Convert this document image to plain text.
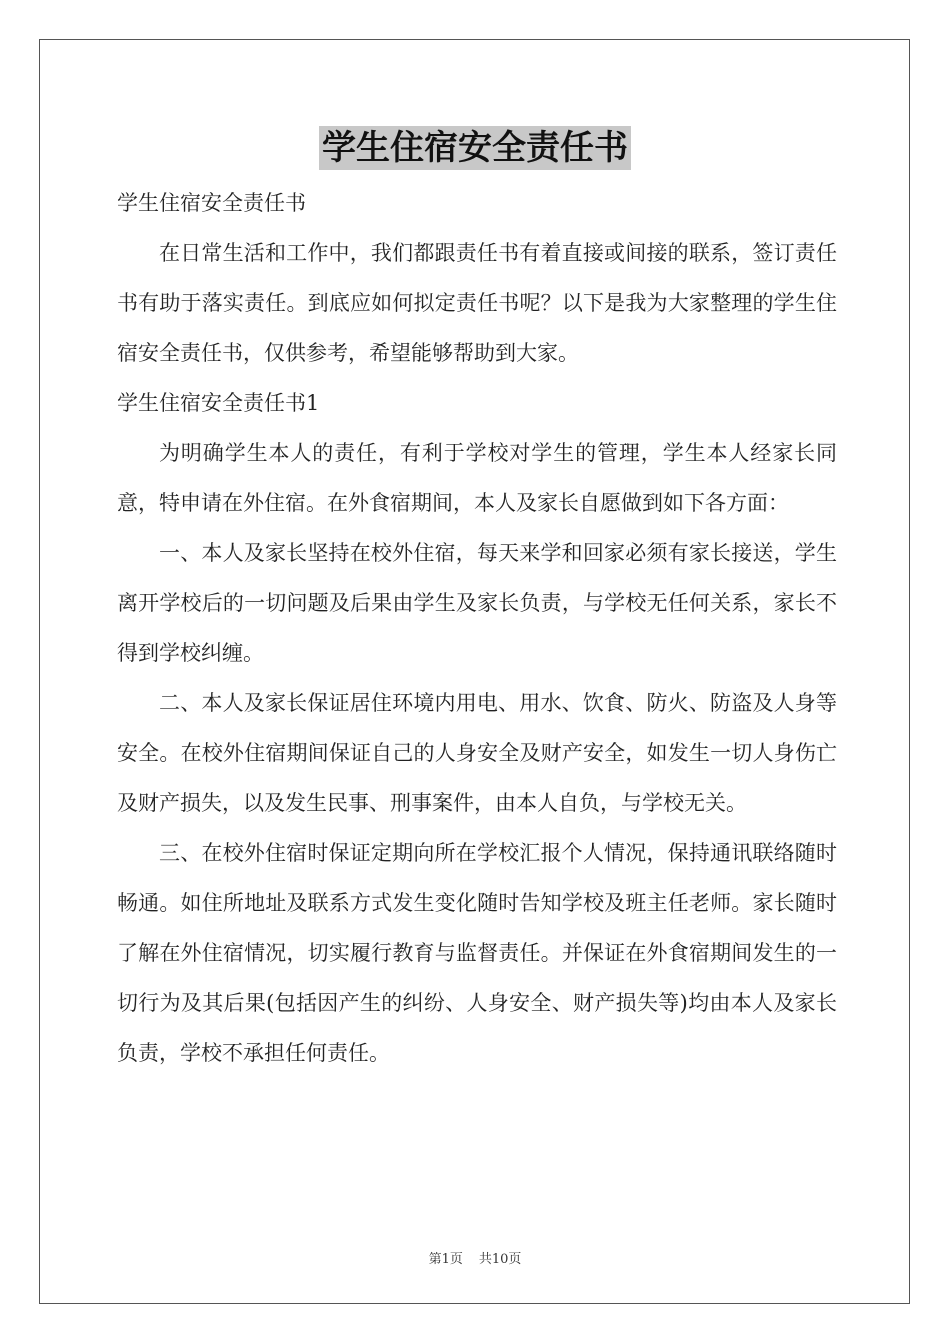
学生住宿安全责任书

学生住宿安全责任书

在日常生活和工作中，我们都跟责任书有着直接或间接的联系，签订责任书有助于落实责任。到底应如何拟定责任书呢？以下是我为大家整理的学生住宿安全责任书，仅供参考，希望能够帮助到大家。

学生住宿安全责任书1

为明确学生本人的责任，有利于学校对学生的管理，学生本人经家长同意，特申请在外住宿。在外食宿期间，本人及家长自愿做到如下各方面：

一、本人及家长坚持在校外住宿，每天来学和回家必须有家长接送，学生离开学校后的一切问题及后果由学生及家长负责，与学校无任何关系，家长不得到学校纠缠。

二、本人及家长保证居住环境内用电、用水、饮食、防火、防盗及人身等安全。在校外住宿期间保证自己的人身安全及财产安全，如发生一切人身伤亡及财产损失，以及发生民事、刑事案件，由本人自负，与学校无关。

三、在校外住宿时保证定期向所在学校汇报个人情况，保持通讯联络随时畅通。如住所地址及联系方式发生变化随时告知学校及班主任老师。家长随时了解在外住宿情况，切实履行教育与监督责任。并保证在外食宿期间发生的一切行为及其后果(包括因产生的纠纷、人身安全、财产损失等)均由本人及家长负责，学校不承担任何责任。

第1页 共10页
